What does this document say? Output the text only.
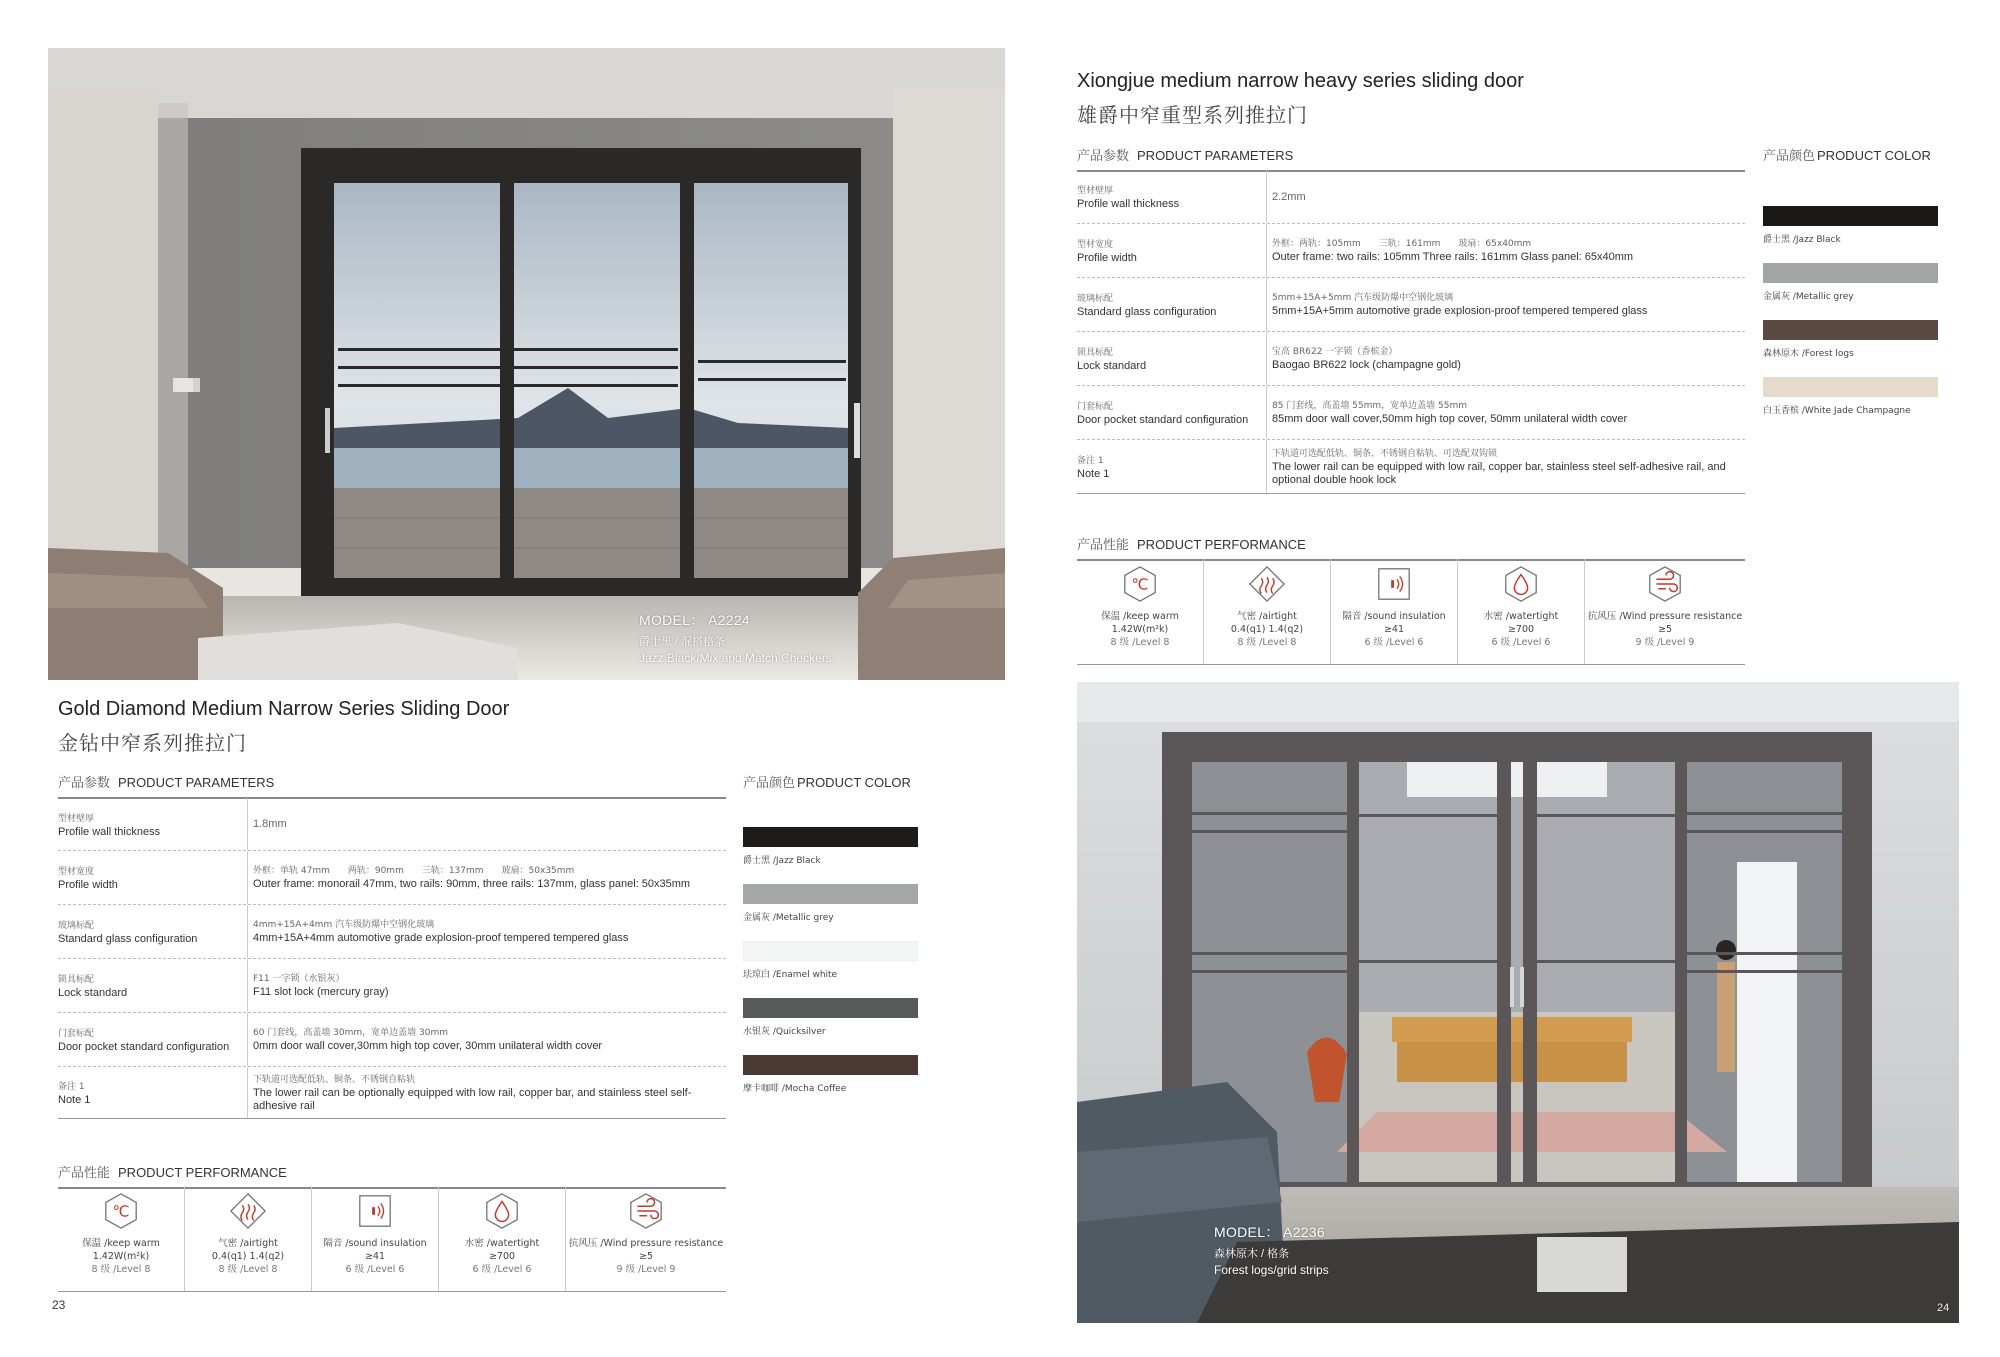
MODEL： A2224
爵士黑 / 混搭格条
Jazz Black/Mix and Match Checkers
Gold Diamond Medium Narrow Series Sliding Door
金钻中窄系列推拉门
产品参数 PRODUCT PARAMETERS
型材壁厚
Profile wall thickness
1.8mm
型材宽度
Profile width
外框：单轨 47mm　　两轨：90mm　　三轨：137mm　　玻扇：50x35mm
Outer frame: monorail 47mm, two rails: 90mm, three rails: 137mm, glass panel: 50x35mm
玻璃标配
Standard glass configuration
4mm+15A+4mm 汽车级防爆中空钢化玻璃
4mm+15A+4mm automotive grade explosion-proof tempered tempered glass
锁具标配
Lock standard
F11 一字锁（水银灰）
F11 slot lock (mercury gray)
门套标配
Door pocket standard configuration
60 门套线，高盖墙 30mm，宽单边盖墙 30mm
0mm door wall cover,30mm high top cover, 30mm unilateral width cover
备注 1
Note 1
下轨道可选配低轨、铜条、不锈钢自粘轨
The lower rail can be optionally equipped with low rail, copper bar, and stainless steel self-adhesive rail
产品颜色 PRODUCT COLOR
爵士黑 /Jazz Black
金属灰 /Metallic grey
珐琼白 /Enamel white
水银灰 /Quicksilver
摩卡咖啡 /Mocha Coffee
产品性能 PRODUCT PERFORMANCE
℃
保温 /keep warm
1.42W(m²k)
8 级 /Level 8
气密 /airtight
0.4(q1) 1.4(q2)
8 级 /Level 8
隔音 /sound insulation
≥41
6 级 /Level 6
水密 /watertight
≥700
6 级 /Level 6
抗风压 /Wind pressure resistance
≥5
9 级 /Level 9
23
Xiongjue medium narrow heavy series sliding door
雄爵中窄重型系列推拉门
产品参数 PRODUCT PARAMETERS
型材壁厚
Profile wall thickness
2.2mm
型材宽度
Profile width
外框：两轨：105mm　　三轨：161mm　　玻扇：65x40mm
Outer frame: two rails: 105mm Three rails: 161mm Glass panel: 65x40mm
玻璃标配
Standard glass configuration
5mm+15A+5mm 汽车级防爆中空钢化玻璃
5mm+15A+5mm automotive grade explosion-proof tempered tempered glass
锁具标配
Lock standard
宝高 BR622 一字锁（香槟金）
Baogao BR622 lock (champagne gold)
门套标配
Door pocket standard configuration
85 门套线，高盖墙 55mm，宽单边盖墙 55mm
85mm door wall cover,50mm high top cover, 50mm unilateral width cover
备注 1
Note 1
下轨道可选配低轨、铜条、不锈钢自粘轨、可选配双钩锁
The lower rail can be equipped with low rail, copper bar, stainless steel self-adhesive rail, and optional double hook lock
产品颜色 PRODUCT COLOR
爵士黑 /Jazz Black
金属灰 /Metallic grey
森林原木 /Forest logs
白玉香槟 /White Jade Champagne
产品性能 PRODUCT PERFORMANCE
℃
保温 /keep warm
1.42W(m²k)
8 级 /Level 8
气密 /airtight
0.4(q1) 1.4(q2)
8 级 /Level 8
隔音 /sound insulation
≥41
6 级 /Level 6
水密 /watertight
≥700
6 级 /Level 6
抗风压 /Wind pressure resistance
≥5
9 级 /Level 9
MODEL： A2236
森林原木 / 格条
Forest logs/grid strips
24
